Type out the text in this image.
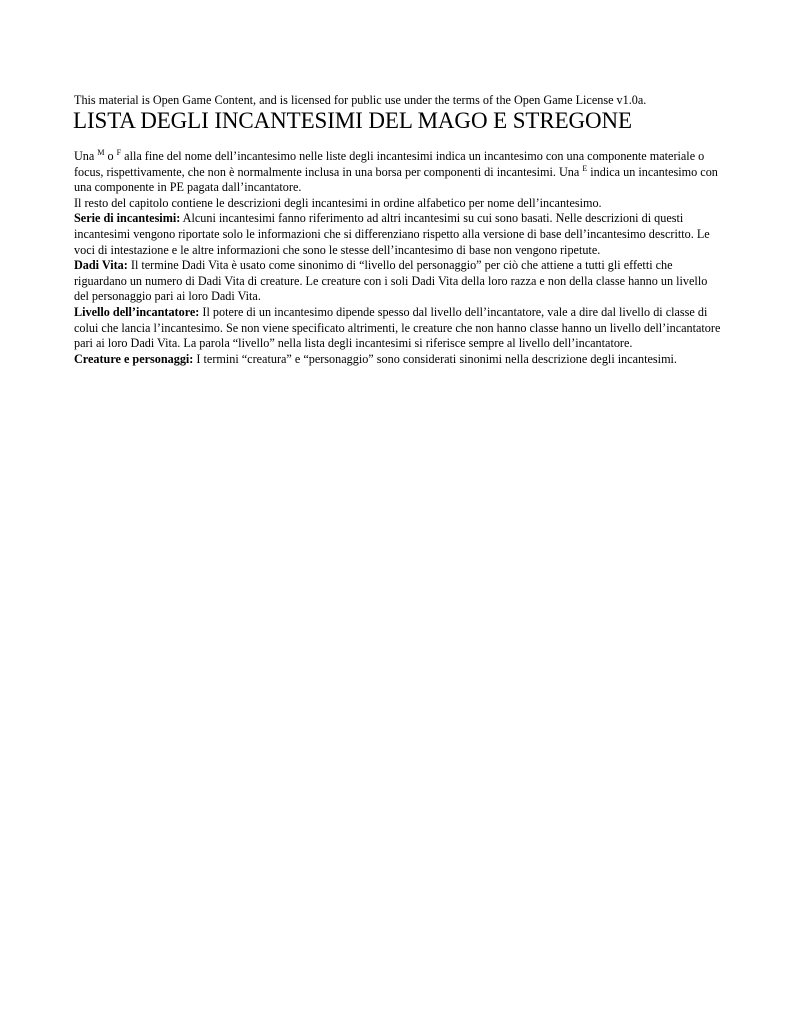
This material is Open Game Content, and is licensed for public use under the terms of the Open Game License v1.0a.

LISTA DEGLI INCANTESIMI DEL MAGO E STREGONE

Una $^M$ o $^F$ alla fine del nome dell’incantesimo nelle liste degli incantesimi indica un incantesimo con una componente materiale o focus, rispettivamente, che non è normalmente inclusa in una borsa per componenti di incantesimi. Una $^E$ indica un incantesimo con una componente in PE pagata dall’incantatore.

Il resto del capitolo contiene le descrizioni degli incantesimi in ordine alfabetico per nome dell’incantesimo.

Serie di incantesimi: Alcuni incantesimi fanno riferimento ad altri incantesimi su cui sono basati. Nelle descrizioni di questi incantesimi vengono riportate solo le informazioni che si differenziano rispetto alla versione di base dell’incantesimo descritto. Le voci di intestazione e le altre informazioni che sono le stesse dell’incantesimo di base non vengono ripetute.

Dadi Vita: Il termine Dadi Vita è usato come sinonimo di “livello del personaggio” per ciò che attiene a tutti gli effetti che riguardano un numero di Dadi Vita di creature. Le creature con i soli Dadi Vita della loro razza e non della classe hanno un livello del personaggio pari ai loro Dadi Vita.

Livello dell’incantatore: Il potere di un incantesimo dipende spesso dal livello dell’incantatore, vale a dire dal livello di classe di colui che lancia l’incantesimo. Se non viene specificato altrimenti, le creature che non hanno classe hanno un livello dell’incantatore pari ai loro Dadi Vita. La parola “livello” nella lista degli incantesimi si riferisce sempre al livello dell’incantatore.

Creature e personaggi: I termini “creatura” e “personaggio” sono considerati sinonimi nella descrizione degli incantesimi.
